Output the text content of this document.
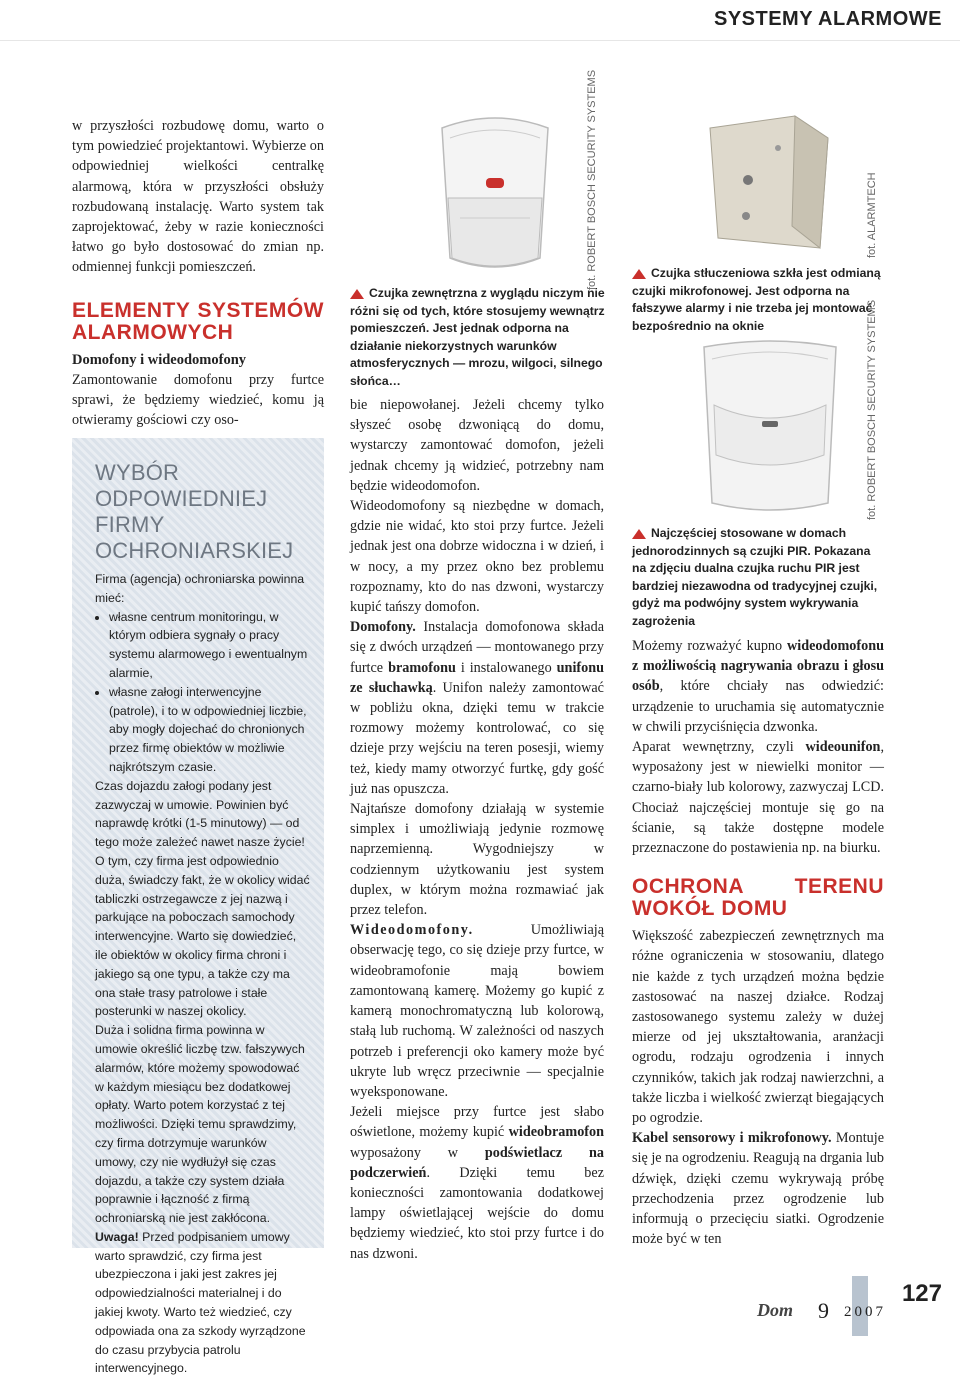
SYSTEMY ALARMOWE

w przyszłości rozbudowę domu, warto o tym powiedzieć projektantowi. Wybierze on odpowiedniej wielkości centralkę alarmową, która w przyszłości obsłuży rozbudowaną instalację. Warto system tak zaprojektować, żeby w razie konieczności łatwo go było dostosować do zmian np. odmiennej funkcji pomieszczeń.

ELEMENTY SYSTEMÓW ALARMOWYCH

Domofony i wideodomofony

Zamontowanie domofonu przy furtce sprawi, że będziemy wiedzieć, komu ją otwieramy gościowi czy oso-

WYBÓR ODPOWIEDNIEJ FIRMY OCHRONIARSKIEJ
Firma (agencja) ochroniarska powinna mieć:
• własne centrum monitoringu, w którym odbiera sygnały o pracy systemu alarmowego i ewentualnym alarmie,
• własne załogi interwencyjne (patrole), i to w odpowiedniej liczbie, aby mogły dojechać do chronionych przez firmę obiektów w możliwie najkrótszym czasie.
Czas dojazdu załogi podany jest zazwyczaj w umowie. Powinien być naprawdę krótki (1-5 minutowy) — od tego może zależeć nawet nasze życie!
O tym, czy firma jest odpowiednio duża, świadczy fakt, że w okolicy widać tabliczki ostrzegawcze z jej nazwą i parkujące na poboczach samochody interwencyjne. Warto się dowiedzieć, ile obiektów w okolicy firma chroni i jakiego są one typu, a także czy ma ona stałe trasy patrolowe i stałe posterunki w naszej okolicy.
Duża i solidna firma powinna w umowie określić liczbę tzw. fałszywych alarmów, które możemy spowodować w każdym miesiącu bez dodatkowej opłaty. Warto potem korzystać z tej możliwości. Dzięki temu sprawdzimy, czy firma dotrzymuje warunków umowy, czy nie wydłużył się czas dojazdu, a także czy system działa poprawnie i łączność z firmą ochroniarską nie jest zakłócona.
Uwaga! Przed podpisaniem umowy warto sprawdzić, czy firma jest ubezpieczona i jaki jest zakres jej odpowiedzialności materialnej i do jakiej kwoty. Warto też wiedzieć, czy odpowiada ona za szkody wyrządzone do czasu przybycia patrolu interwencyjnego.
fot. ROBERT BOSCH SECURITY SYSTEMS
Czujka zewnętrzna z wyglądu niczym nie różni się od tych, które stosujemy wewnątrz pomieszczeń. Jest jednak odporna na działanie niekorzystnych warunków atmosferycznych — mrozu, wilgoci, silnego słońca…
fot. ALARMTECH
Czujka stłuczeniowa szkła jest odmianą czujki mikrofonowej. Jest odporna na fałszywe alarmy i nie trzeba jej montować bezpośrednio na oknie	fot. ROBERT BOSCH SECURITY SYSTEMS
Najczęściej stosowane w domach jednorodzinnych są czujki PIR. Pokazana na zdjęciu dualna czujka ruchu PIR jest bardziej niezawodna od tradycyjnej czujki, gdyż ma podwójny system wykrywania zagrożenia

bie niepowołanej. Jeżeli chcemy tylko słyszeć osobę dzwoniącą do domu, wystarczy zamontować domofon, jeżeli jednak chcemy ją widzieć, potrzebny nam będzie wideodomofon.

Wideodomofony są niezbędne w domach, gdzie nie widać, kto stoi przy furtce. Jeżeli jednak jest ona dobrze widoczna i w dzień, i w nocy, a my przez okno bez problemu rozpoznamy, kto do nas dzwoni, wystarczy kupić tańszy domofon.

Domofony. Instalacja domofonowa składa się z dwóch urządzeń — montowanego przy furtce bramofonu i instalowanego unifonu ze słuchawką. Unifon należy zamontować w pobliżu okna, dzięki temu w trakcie rozmowy możemy kontrolować, co się dzieje przy wejściu na teren posesji, wiemy też, kiedy mamy otworzyć furtkę, gdy gość już nas opuszcza.

Najtańsze domofony działają w systemie simplex i umożliwiają jedynie rozmowę naprzemienną. Wygodniejszy w codziennym użytkowaniu jest system duplex, w którym można rozmawiać jak przez telefon.

Wideodomofony. Umożliwiają obserwację tego, co się dzieje przy furtce, w wideobramofonie mają bowiem zamontowaną kamerę. Możemy go kupić z kamerą monochromatyczną lub kolorową, stałą lub ruchomą. W zależności od naszych potrzeb i preferencji oko kamery może być ukryte lub wręcz przeciwnie — specjalnie wyeksponowane.

Jeżeli miejsce przy furtce jest słabo oświetlone, możemy kupić wideobramofon wyposażony w podświetlacz na podczerwień. Dzięki temu bez konieczności zamontowania dodatkowej lampy oświetlającej wejście do domu będziemy wiedzieć, kto stoi przy furtce i do nas dzwoni.

Możemy rozważyć kupno wideodomofonu z możliwością nagrywania obrazu i głosu osób, które chciały nas odwiedzić: urządzenie to uruchamia się automatycznie w chwili przyciśnięcia dzwonka.

Aparat wewnętrzny, czyli wideounifon, wyposażony jest w niewielki monitor — czarno-biały lub kolorowy, zazwyczaj LCD. Chociaż najczęściej montuje się go na ścianie, są także dostępne modele przeznaczone do postawienia np. na biurku.

OCHRONA TERENU WOKÓŁ DOMU

Większość zabezpieczeń zewnętrznych ma różne ograniczenia w stosowaniu, dlatego nie każde z tych urządzeń można będzie zastosować na naszej działce. Rodzaj zastosowanego systemu zależy w dużej mierze od jej ukształtowania, aranżacji ogrodu, rodzaju ogrodzenia i innych czynników, takich jak rodzaj nawierzchni, a także liczba i wielkość zwierząt biegających po ogrodzie.

Kabel sensorowy i mikrofonowy. Montuje się je na ogrodzeniu. Reagują na drgania lub dźwięk, dzięki czemu wykrywają próbę przechodzenia przez ogrodzenie lub informują o przecięciu siatki. Ogrodzenie może być w ten

Dom 9 2007
127
